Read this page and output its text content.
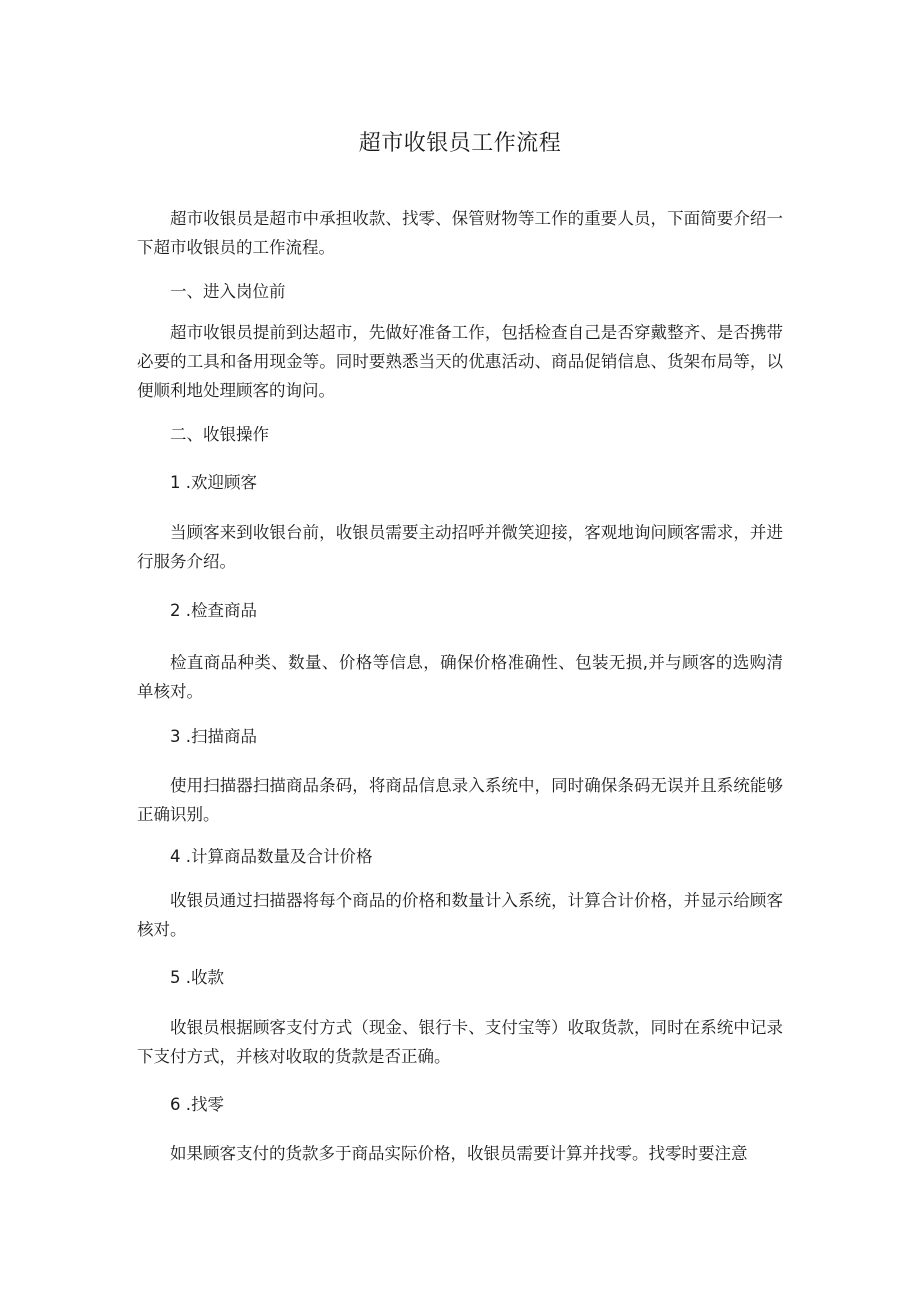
超市收银员工作流程

超市收银员是超市中承担收款、找零、保管财物等工作的重要人员，下面简要介绍一下超市收银员的工作流程。

一、进入岗位前

超市收银员提前到达超市，先做好准备工作，包括检查自己是否穿戴整齐、是否携带必要的工具和备用现金等。同时要熟悉当天的优惠活动、商品促销信息、货架布局等，以便顺利地处理顾客的询问。

二、收银操作

1 .欢迎顾客

当顾客来到收银台前，收银员需要主动招呼并微笑迎接，客观地询问顾客需求，并进行服务介绍。

2 .检查商品

检直商品种类、数量、价格等信息，确保价格准确性、包装无损,并与顾客的选购清单核对。

3 .扫描商品

使用扫描器扫描商品条码，将商品信息录入系统中，同时确保条码无误并且系统能够正确识别。

4 .计算商品数量及合计价格

收银员通过扫描器将每个商品的价格和数量计入系统，计算合计价格，并显示给顾客核对。

5 .收款

收银员根据顾客支付方式（现金、银行卡、支付宝等）收取货款，同时在系统中记录下支付方式，并核对收取的货款是否正确。

6 .找零

如果顾客支付的货款多于商品实际价格，收银员需要计算并找零。找零时要注意
